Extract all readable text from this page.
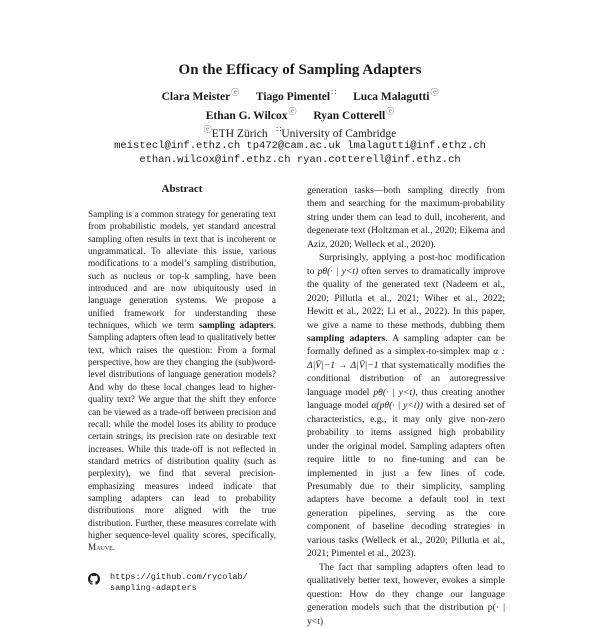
On the Efficacy of Sampling Adapters
Clara Meisterⓔ Tiago Pimentel∷ Luca Malaguttiⓔ
Ethan G. Wilcoxⓔ Ryan Cotterellⓔ
ⓔETH Zürich ∷University of Cambridge
meistecl@inf.ethz.ch tp472@cam.ac.uk lmalagutti@inf.ethz.ch
ethan.wilcox@inf.ethz.ch ryan.cotterell@inf.ethz.ch
Abstract
Sampling is a common strategy for generating text from probabilistic models, yet standard ancestral sampling often results in text that is incoherent or ungrammatical. To alleviate this issue, various modifications to a model’s sampling distribution, such as nucleus or top-k sampling, have been introduced and are now ubiquitously used in language generation systems. We propose a unified framework for understanding these techniques, which we term sampling adapters. Sampling adapters often lead to qualitatively better text, which raises the question: From a formal perspective, how are they changing the (sub)word-level distributions of language generation models? And why do these local changes lead to higher-quality text? We argue that the shift they enforce can be viewed as a trade-off between precision and recall: while the model loses its ability to produce certain strings, its precision rate on desirable text increases. While this trade-off is not reflected in standard metrics of distribution quality (such as perplexity), we find that several precision-emphasizing measures indeed indicate that sampling adapters can lead to probability distributions more aligned with the true distribution. Further, these measures correlate with higher sequence-level quality scores, specifically, Mauve.

generation tasks—both sampling directly from them and searching for the maximum-probability string under them can lead to dull, incoherent, and degenerate text (Holtzman et al., 2020; Eikema and Aziz, 2020; Welleck et al., 2020).

Surprisingly, applying a post-hoc modification to pθ(· | y<t) often serves to dramatically improve the quality of the generated text (Nadeem et al., 2020; Pillutla et al., 2021; Wiher et al., 2022; Hewitt et al., 2022; Li et al., 2022). In this paper, we give a name to these methods, dubbing them sampling adapters. A sampling adapter can be formally defined as a simplex-to-simplex map α : Δ|V̄|−1 → Δ|V̄|−1 that systematically modifies the conditional distribution of an autoregressive language model pθ(· | y<t), thus creating another language model α(pθ(· | y<t)) with a desired set of characteristics, e.g., it may only give non-zero probability to items assigned high probability under the original model. Sampling adapters often require little to no fine-tuning and can be implemented in just a few lines of code. Presumably due to their simplicity, sampling adapters have become a default tool in text generation pipelines, serving as the core component of baseline decoding strategies in various tasks (Welleck et al., 2020; Pillutla et al., 2021; Pimentel et al., 2023).

The fact that sampling adapters often lead to qualitatively better text, however, evokes a simple question: How do they change our language generation models such that the distribution p(· | y<t)

https://github.com/rycolab/
sampling-adapters
